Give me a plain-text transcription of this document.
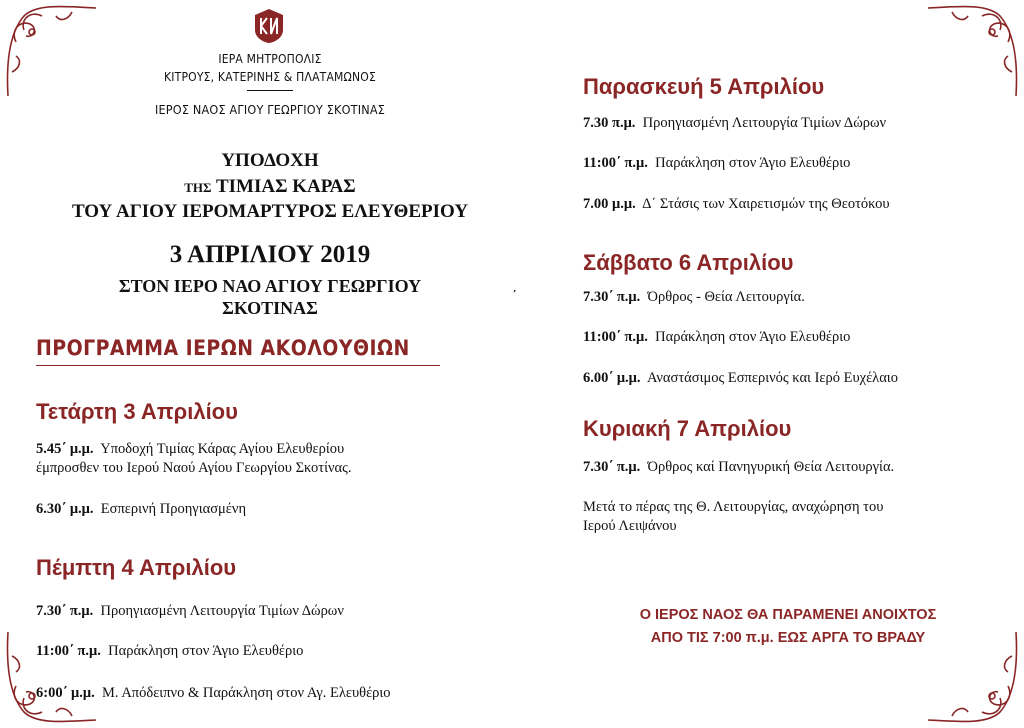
ΙΕΡΑ ΜΗΤΡΟΠΟΛΙΣ
ΚΙΤΡΟΥΣ, ΚΑΤΕΡΙΝΗΣ & ΠΛΑΤΑΜΩΝΟΣ
ΙΕΡΟΣ ΝΑΟΣ ΑΓΙΟΥ ΓΕΩΡΓΙΟΥ ΣΚΟΤΙΝΑΣ
ΥΠΟΔΟΧΗ
ΤΗΣ ΤΙΜΙΑΣ ΚΑΡΑΣ
ΤΟΥ ΑΓΙΟΥ ΙΕΡΟΜΑΡΤΥΡΟΣ ΕΛΕΥΘΕΡΙΟΥ
3 ΑΠΡΙΛΙΟΥ 2019
ΣΤΟΝ ΙΕΡΟ ΝΑΟ ΑΓΙΟΥ ΓΕΩΡΓΙΟΥ
ΣΚΟΤΙΝΑΣ
΄
ΠΡΟΓΡΑΜΜΑ ΙΕΡΩΝ ΑΚΟΛΟΥΘΙΩΝ
Τετάρτη 3 Απριλίου
5.45΄ μ.μ. Υποδοχή Τιμίας Κάρας Αγίου Ελευθερίου
έμπροσθεν του Ιερού Ναού Αγίου Γεωργίου Σκοτίνας.
6.30΄ μ.μ. Εσπερινή Προηγιασμένη
Πέμπτη 4 Απριλίου
7.30΄ π.μ. Προηγιασμένη Λειτουργία Τιμίων Δώρων
11:00΄ π.μ. Παράκληση στον Άγιο Ελευθέριο
6:00΄ μ.μ. Μ. Απόδειπνο & Παράκληση στον Αγ. Ελευθέριο
Παρασκευή 5 Απριλίου
7.30 π.μ. Προηγιασμένη Λειτουργία Τιμίων Δώρων
11:00΄ π.μ. Παράκληση στον Άγιο Ελευθέριο
7.00 μ.μ. Δ΄ Στάσις των Χαιρετισμών της Θεοτόκου
Σάββατο 6 Απριλίου
7.30΄ π.μ. Όρθρος - Θεία Λειτουργία.
11:00΄ π.μ. Παράκληση στον Άγιο Ελευθέριο
6.00΄ μ.μ. Αναστάσιμος Εσπερινός και Ιερό Ευχέλαιο
Κυριακή 7 Απριλίου
7.30΄ π.μ. Όρθρος καί Πανηγυρική Θεία Λειτουργία.
Μετά το πέρας της Θ. Λειτουργίας, αναχώρηση του
Ιερού Λειψάνου
Ο ΙΕΡΟΣ ΝΑΟΣ ΘΑ ΠΑΡΑΜΕΝΕΙ ΑΝΟΙΧΤΟΣ
ΑΠΟ ΤΙΣ 7:00 π.μ. ΕΩΣ ΑΡΓΑ ΤΟ ΒΡΑΔΥ
